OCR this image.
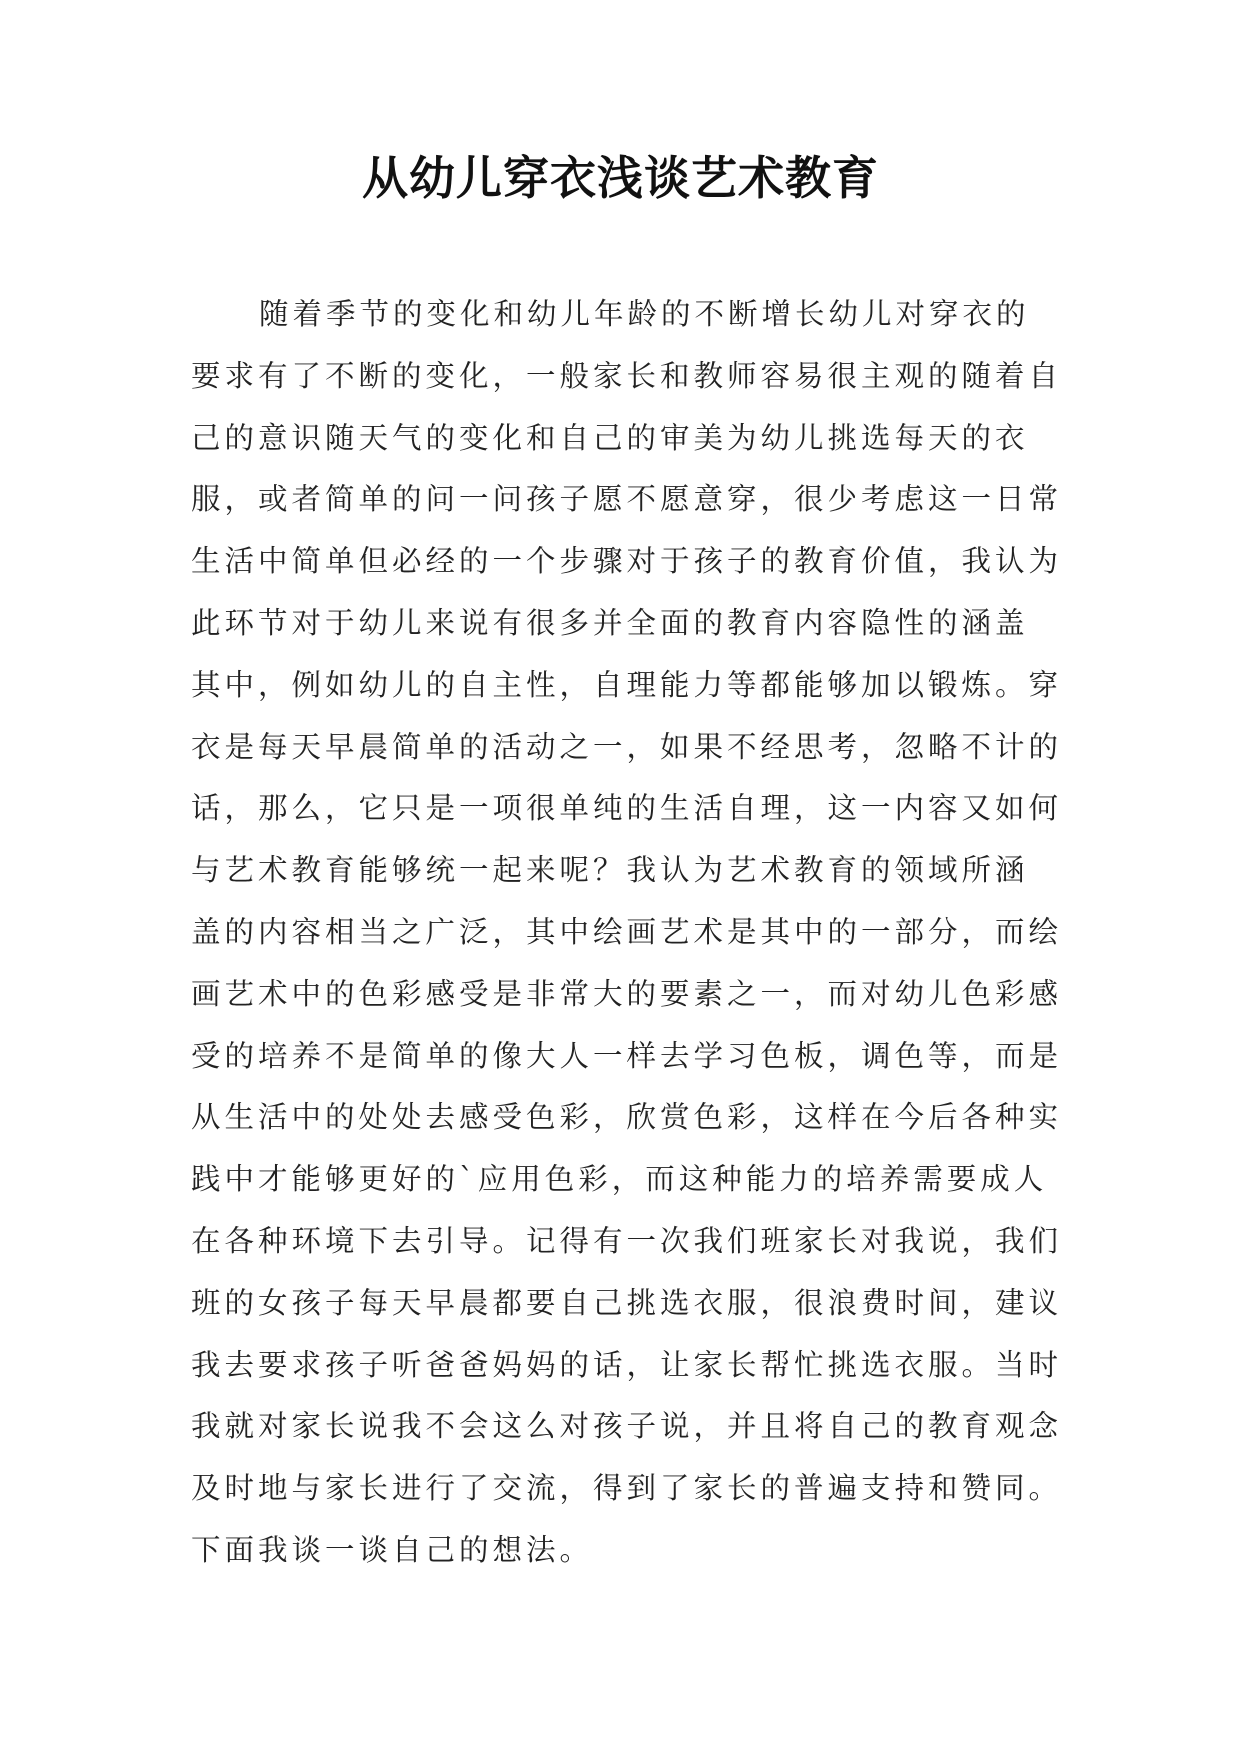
从幼儿穿衣浅谈艺术教育
随着季节的变化和幼儿年龄的不断增长幼儿对穿衣的
要求有了不断的变化，一般家长和教师容易很主观的随着自
己的意识随天气的变化和自己的审美为幼儿挑选每天的衣
服，或者简单的问一问孩子愿不愿意穿，很少考虑这一日常
生活中简单但必经的一个步骤对于孩子的教育价值，我认为
此环节对于幼儿来说有很多并全面的教育内容隐性的涵盖
其中，例如幼儿的自主性，自理能力等都能够加以锻炼。穿
衣是每天早晨简单的活动之一，如果不经思考，忽略不计的
话，那么，它只是一项很单纯的生活自理，这一内容又如何
与艺术教育能够统一起来呢？我认为艺术教育的领域所涵
盖的内容相当之广泛，其中绘画艺术是其中的一部分，而绘
画艺术中的色彩感受是非常大的要素之一，而对幼儿色彩感
受的培养不是简单的像大人一样去学习色板，调色等，而是
从生活中的处处去感受色彩，欣赏色彩，这样在今后各种实
践中才能够更好的`应用色彩，而这种能力的培养需要成人
在各种环境下去引导。记得有一次我们班家长对我说，我们
班的女孩子每天早晨都要自己挑选衣服，很浪费时间，建议
我去要求孩子听爸爸妈妈的话，让家长帮忙挑选衣服。当时
我就对家长说我不会这么对孩子说，并且将自己的教育观念
及时地与家长进行了交流，得到了家长的普遍支持和赞同。
下面我谈一谈自己的想法。
